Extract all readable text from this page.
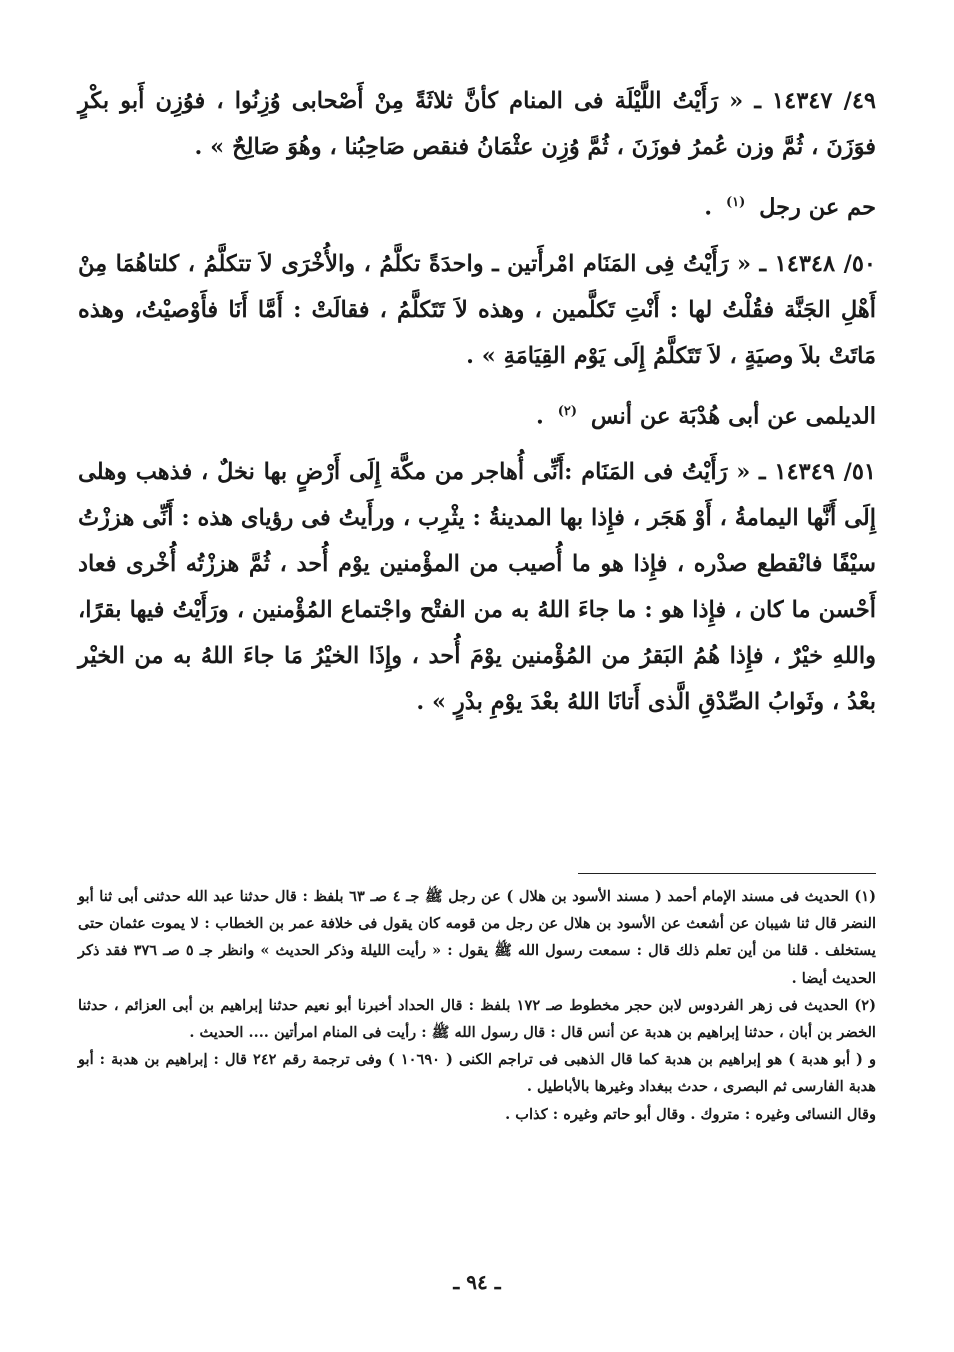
٤٩/ ١٤٣٤٧ ـ « رَأَيْتُ اللَّيْلَة فى المنام كأنَّ ثلاثَةً مِنْ أَصْحابى وُزِنُوا ، فوُزِن أَبو بكْرٍ فوَزَنَ ، ثُمَّ وزن عُمرُ فوزَنَ ، ثُمَّ وُزِن عثْمَانُ فنقص صَاحِبُنا ، وهُوَ صَالِحٌ » .

حم عن رجل $^{(١)}$ .

٥٠/ ١٤٣٤٨ ـ « رَأَيْتُ فِى المَنَام امْرأَتين ـ واحدَةً تكلَّمُ ، والأُخْرَى لاَ تتكلَّمُ ، كلتاهُمَا مِنْ أَهْلِ الجَنَّة فقُلْتُ لها : أَنْتِ تَكلَّمين ، وهذه لاَ تَتَكلَّمُ ، فقالَتْ : أَمَّا أَنَا فأَوْصيْتُ، وهذه مَاتَتْ بلاَ وصيَةٍ ، لاَ تَتَكلَّمُ إِلَى يَوْم القِيَامَةِ » .

الديلمى عن أبى هُدْبَة عن أنس $^{(٢)}$ .

٥١/ ١٤٣٤٩ ـ « رَأَيْتُ فى المَنَام :أَنِّى أُهاجر من مكَّة إِلَى أَرْضٍ بها نخلٌ ، فذهب وهلى إِلَى أَنَّها اليمامةُ ، أَوْ هَجَر ، فإِذا بها المدينةُ : يثْرِب ، ورأَيتُ فى رؤياى هذه : أَنِّى هززْتُ سيْفًا فانْقطع صدْره ، فإِذا هو ما أُصيب من المؤْمنين يوْم أُحد ، ثُمَّ هززْتُه أُخْرى فعاد أَحْسن ما كان ، فإِذا هو : ما جاءَ اللهُ به من الفتْح واجْتماع المُؤْمنين ، ورَأَيْتُ فيها بقرًا، واللهِ خيْرٌ ، فإِذا هُمُ البَقرُ من المُؤْمنين يوْمَ أُحد ، وإِذَا الخيْرُ مَا جاءَ اللهُ به من الخيْر بعْدُ ، وثَوابُ الصِّدْقِ الَّذى أَتانَا اللهُ بعْدَ يوْمِ بدْرٍ » .

(١) الحديث فى مسند الإمام أحمد ( مسند الأسود بن هلال ) عن رجل ﷺ جـ ٤ صـ ٦٣ بلفظ : قال حدثنا عبد الله حدثنى أبى ثنا أبو النضر قال ثنا شيبان عن أشعث عن الأسود بن هلال عن رجل من قومه كان يقول فى خلافة عمر بن الخطاب : لا يموت عثمان حتى يستخلف . قلنا من أين تعلم ذلك قال : سمعت رسول الله ﷺ يقول : « رأيت الليلة وذكر الحديث » وانظر جـ ٥ صـ ٣٧٦ فقد ذكر الحديث أيضا .

(٢) الحديث فى زهر الفردوس لابن حجر مخطوط صـ ١٧٢ بلفظ : قال الحداد أخبرنا أبو نعيم حدثنا إبراهيم بن أبى العزائم ، حدثنا الخضر بن أبان ، حدثنا إبراهيم بن هدبة عن أنس قال : قال رسول الله ﷺ : رأيت فى المنام امرأتين .... الحديث .

و ( أبو هدبة ) هو إبراهيم بن هدبة كما قال الذهبى فى تراجم الكنى ( ١٠٦٩٠ ) وفى ترجمة رقم ٢٤٢ قال : إبراهيم بن هدبة : أبو هدبة الفارسى ثم البصرى ، حدث ببغداد وغيرها بالأباطيل .

وقال النسائى وغيره : متروك . وقال أبو حاتم وغيره : كذاب .

ـ ٩٤ ـ
